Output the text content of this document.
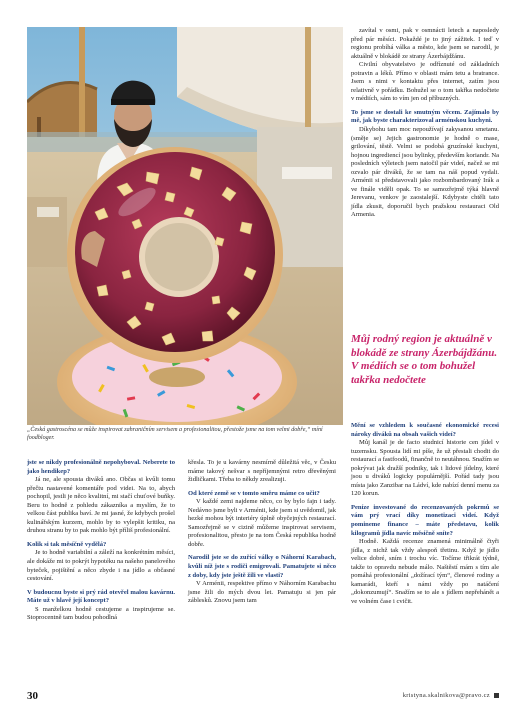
„Česká gastroscéna se může inspirovat zahraničním servisem a profesionalitou, přestože jsme na tom velmi dobře,“ míní foodbloger.

zavítal v osmi, pak v osmnácti letech a naposledy před pár měsíci. Pokaždé je to jiný zážitek. I teď v regionu probíhá válka a město, kde jsem se narodil, je aktuálně v blokádě ze strany Ázerbájdžánu.

Civilní obyvatelstvo je odříznuté od základních potravin a léků. Přímo v oblasti mám tetu a bratrance. Jsem s nimi v kontaktu přes internet, zatím jsou relativně v pořádku. Bohužel se o tom takřka nedočtete v médiích, sám to vím jen od příbuzných.

To jsme se dostali ke smutným věcem. Zajímalo by mě, jak byste charakterizoval arménskou kuchyni.

Díkybohu tam moc nepoužívají zakysanou smetanu. (směje se) Jejich gastronomie je hodně o mase, grilování, těstě. Velmi se podobá gruzínské kuchyni, hojnou ingrediencí jsou bylinky, především koriandr. Na posledních výletech jsem natočil pár videí, načež se mi ozvalo pár diváků, že se tam na náš popud vydali. Arménii si představovali jako rozbombardovaný Irák a ve finále viděli opak. To se samozřejmě týká hlavně Jerevanu, venkov je zaostalejší. Kdybyste chtěli tato jídla zkusit, doporučil bych pražskou restauraci Old Armenia.

Můj rodný region je aktuálně v blokádě ze strany Ázerbájdžánu. V médiích se o tom bohužel takřka nedočtete

Mění se vzhledem k současné ekonomické recesi nároky diváků na obsah vašich videí?

Můj kanál je de facto studnicí historie cen jídel v tuzemsku. Spousta lidí mi píše, že už přestali chodit do restaurací a fastfoodů, finančně to neutáhnou. Snažím se pokrývat jak dražší podniky, tak i lidové jídelny, které jsou u diváků logicky populárnější. Pořád tady jsou místa jako Zanzibar na Ládví, kde nabízí denní menu za 120 korun.

Peníze investované do recenzovaných pokrmů se vám prý vrací díky monetizaci videí. Když pomineme finance – máte představu, kolik kilogramů jídla navíc měsíčně sníte?

Hodně. Každá recenze znamená minimálně čtyři jídla, z nichž tak vždy alespoň třetinu. Když je jídlo velice dobré, sním i trochu víc. Točíme třikrát týdně, takže to opravdu nebude málo. Naštěstí mám s tím ale pomáhá profesionální „dožírací tým“, členové rodiny a kamarádi, kteří s námi vždy po natáčení „dokonzumují“. Snažím se to ale s jídlem nepřehánět a ve volném čase i cvičit.

jste se nikdy profesionálně nepohyboval. Neberete to jako hendikep?

Já ne, ale spousta diváků ano. Občas si kvůli tomu přečtu nastavené komentáře pod videi. Na to, abych pochopil, jestli je něco kvalitní, mi stačí chuťové buňky. Beru to hodně z pohledu zákazníka a myslím, že to velkou část publika baví. Je mi jasné, že kdybych prošel kulinářským kurzem, mohlo by to vylepšit kritiku, na druhou stranu by to pak mohlo být příliš profesionální.

Kolik si tak měsíčně vydělá?

Je to hodně variabilní a záleží na konkrétním měsíci, ale dokáže mi to pokrýt hypotéku na našeho panelového byteček, pojištění a něco zbyde i na jídlo a občasné cestování.

V budoucnu byste si prý rád otevřel malou kavárnu. Máte už v hlavě její koncept?

S manželkou hodně cestujeme a inspirujeme se. Stoprocentně tam budou pohodlná

křesla. To je u kavárny nesmírně důležitá věc, v Česku máme takový nešvar s nepříjemnými retro dřevěnými židličkami. Třeba to někdy zrealizuji.

Od které země se v tomto směru máme co učit?

V každé zemi najdeme něco, co by bylo fajn i tady. Nedávno jsme byli v Arménii, kde jsem si uvědomil, jak hezké mohou být interiéry úplně obyčejných restaurací. Samozřejmě se v cizině můžeme inspirovat servisem, profesionalitou, přesto je na tom Česká republika hodně dobře.

Narodil jste se do zuřící války o Náhorní Karabach, kvůli níž jste s rodiči emigrovali. Pamatujete si něco z doby, kdy jste ještě žili ve vlasti?

V Arménii, respektive přímo v Náhorním Karabachu jsme žili do mých dvou let. Pamatuju si jen pár záblesků. Znovu jsem tam

30	kristyna.skalnikova@pravo.cz
